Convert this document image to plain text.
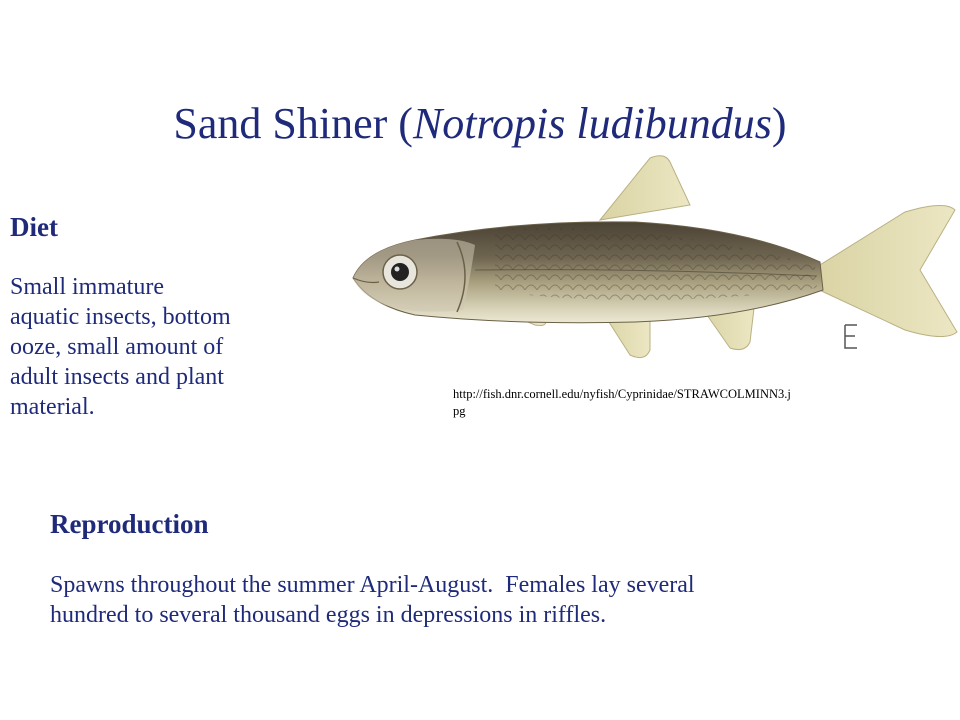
Sand Shiner (Notropis ludibundus)
Diet
Small immature
aquatic insects, bottom
ooze, small amount of
adult insects and plant
material.	http://fish.dnr.cornell.edu/nyfish/Cyprinidae/STRAWCOLMINN3.j
pg
Reproduction
Spawns throughout the summer April-August.  Females lay several
hundred to several thousand eggs in depressions in riffles.
